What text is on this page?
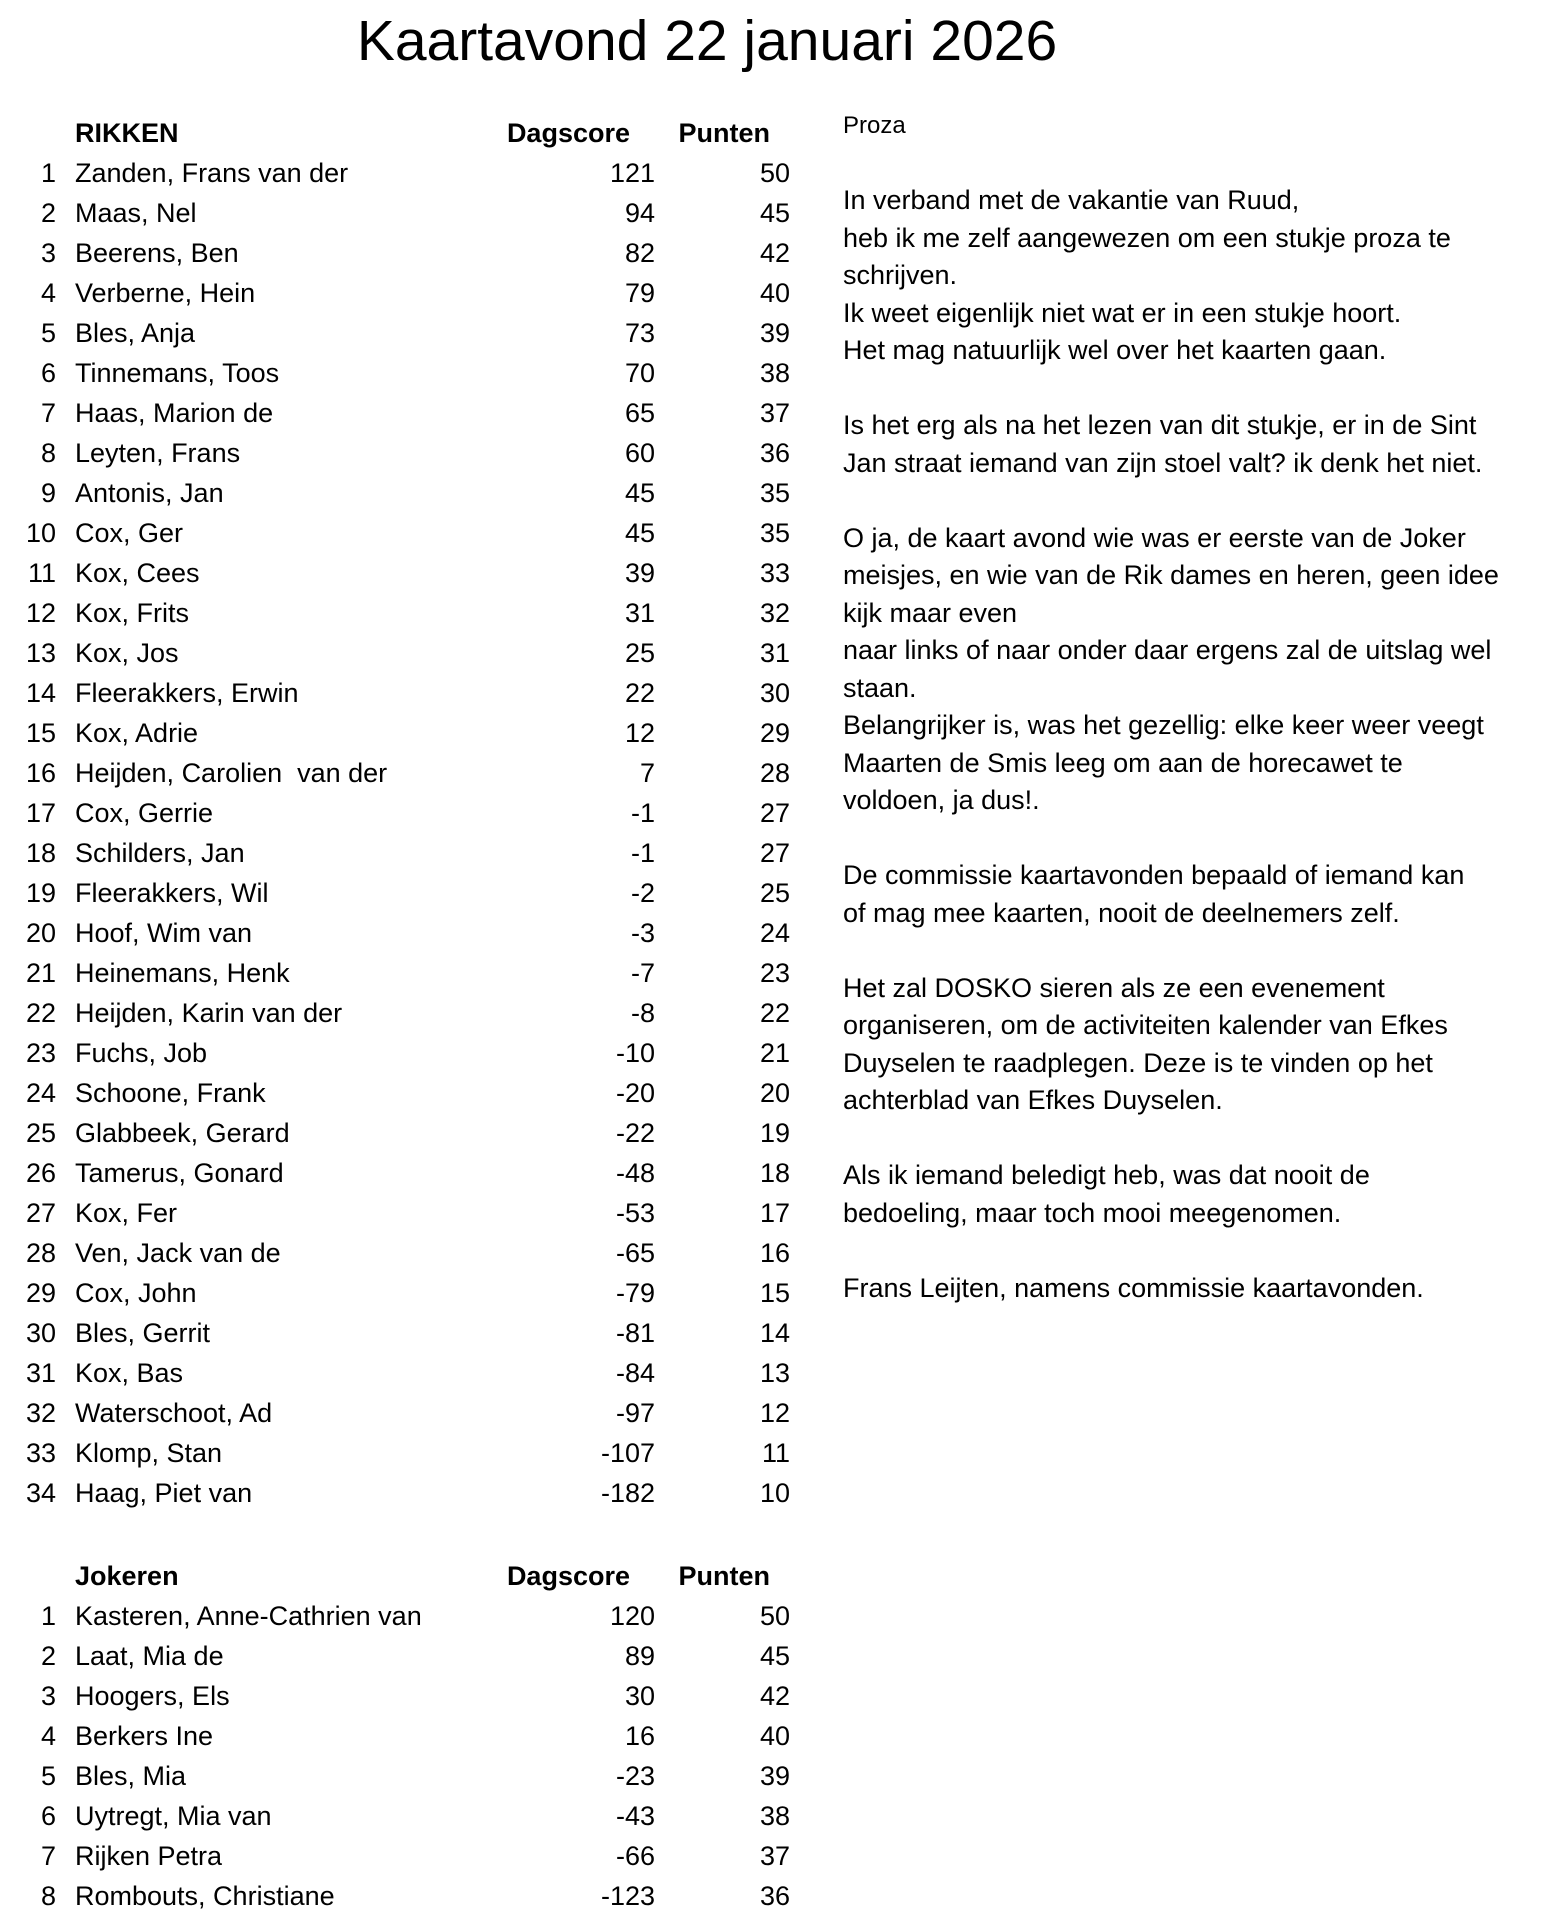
Kaartavond 22 januari 2026
RIKKEN	Dagscore	Punten
1 Zanden, Frans van der	121	50
2 Maas, Nel	94	45
3 Beerens, Ben	82	42
4 Verberne, Hein	79	40
5 Bles, Anja	73	39
6 Tinnemans, Toos	70	38
7 Haas, Marion de	65	37
8 Leyten, Frans	60	36
9 Antonis, Jan	45	35
10 Cox, Ger	45	35
11 Kox, Cees	39	33
12 Kox, Frits	31	32
13 Kox, Jos	25	31
14 Fleerakkers, Erwin	22	30
15 Kox, Adrie	12	29
16 Heijden, Carolien  van der	7	28
17 Cox, Gerrie	-1	27
18 Schilders, Jan	-1	27
19 Fleerakkers, Wil	-2	25
20 Hoof, Wim van	-3	24
21 Heinemans, Henk	-7	23
22 Heijden, Karin van der	-8	22
23 Fuchs, Job	-10	21
24 Schoone, Frank	-20	20
25 Glabbeek, Gerard	-22	19
26 Tamerus, Gonard	-48	18
27 Kox, Fer	-53	17
28 Ven, Jack van de	-65	16
29 Cox, John	-79	15
30 Bles, Gerrit	-81	14
31 Kox, Bas	-84	13
32 Waterschoot, Ad	-97	12
33 Klomp, Stan	-107	11
34 Haag, Piet van	-182	10
Jokeren	Dagscore	Punten
1 Kasteren, Anne-Cathrien van	120	50
2 Laat, Mia de	89	45
3 Hoogers, Els	30	42
4 Berkers Ine	16	40
5 Bles, Mia	-23	39
6 Uytregt, Mia van	-43	38
7 Rijken Petra	-66	37
8 Rombouts, Christiane	-123	36
Proza
In verband met de vakantie van Ruud,
heb ik me zelf aangewezen om een stukje proza te
schrijven.
Ik weet eigenlijk niet wat er in een stukje hoort.
Het mag natuurlijk wel over het kaarten gaan.
Is het erg als na het lezen van dit stukje, er in de Sint
Jan straat iemand van zijn stoel valt? ik denk het niet.
O ja, de kaart avond wie was er eerste van de Joker
meisjes, en wie van de Rik dames en heren, geen idee
kijk maar even
naar links of naar onder daar ergens zal de uitslag wel
staan.
Belangrijker is, was het gezellig: elke keer weer veegt
Maarten de Smis leeg om aan de horecawet te
voldoen, ja dus!.
De commissie kaartavonden bepaald of iemand kan
of mag mee kaarten, nooit de deelnemers zelf.
Het zal DOSKO sieren als ze een evenement
organiseren, om de activiteiten kalender van Efkes
Duyselen te raadplegen. Deze is te vinden op het
achterblad van Efkes Duyselen.
Als ik iemand beledigt heb, was dat nooit de
bedoeling, maar toch mooi meegenomen.
Frans Leijten, namens commissie kaartavonden.
